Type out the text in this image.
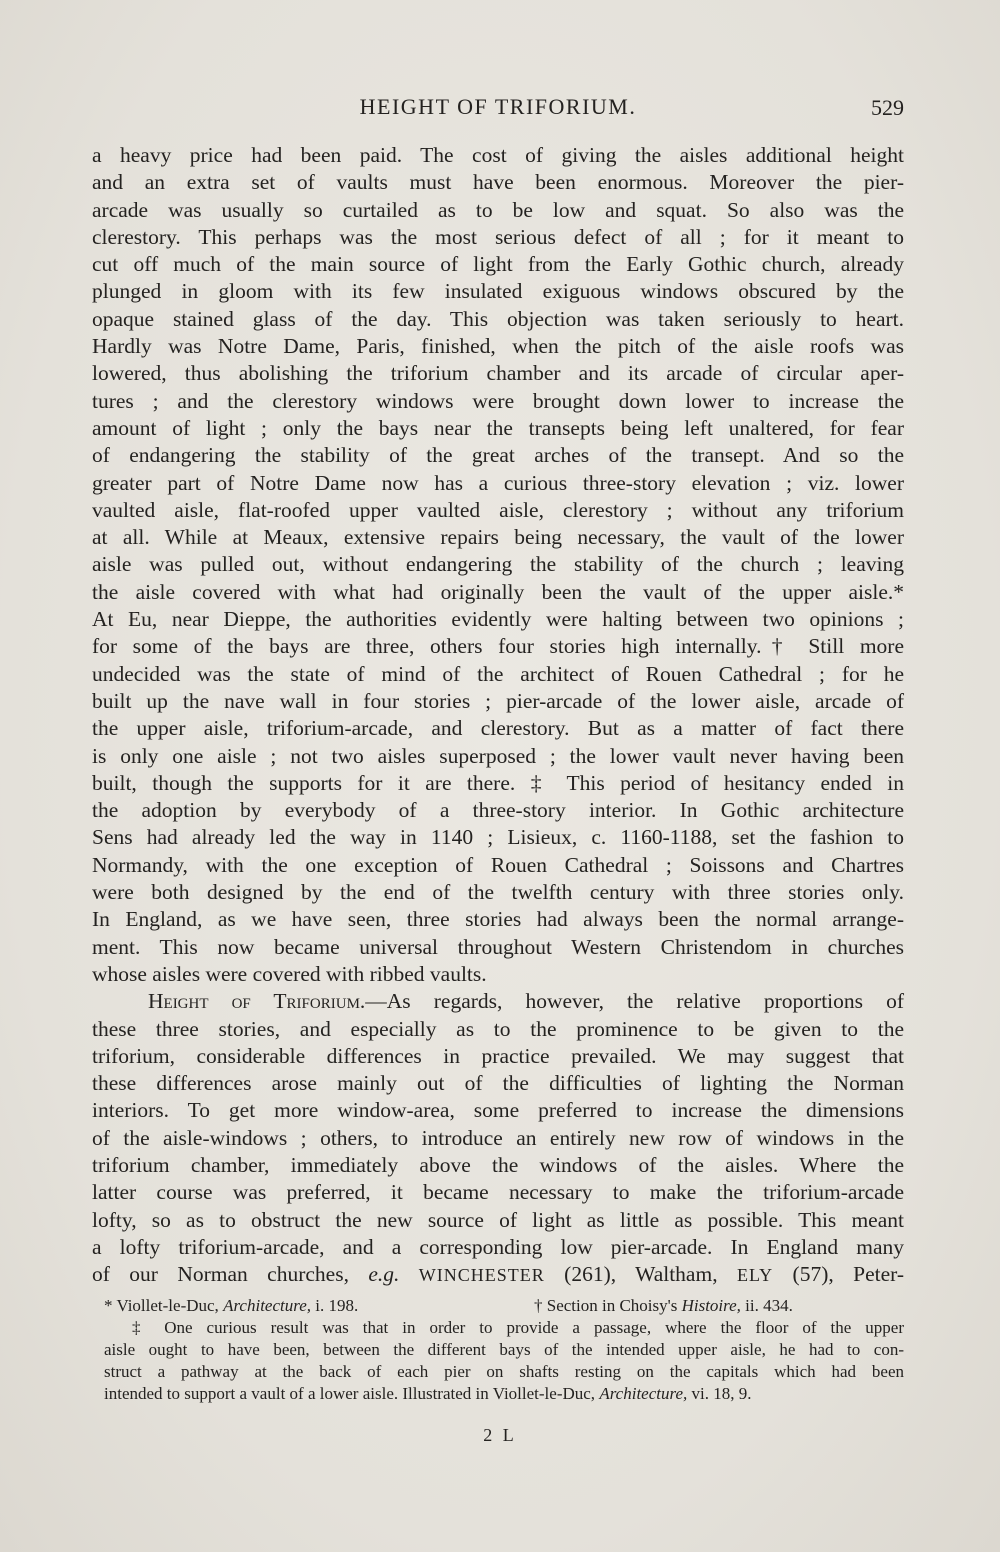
HEIGHT OF TRIFORIUM.	529
a heavy price had been paid. The cost of giving the aisles additional height
and an extra set of vaults must have been enormous. Moreover the pier-
arcade was usually so curtailed as to be low and squat. So also was the
clerestory. This perhaps was the most serious defect of all ; for it meant to
cut off much of the main source of light from the Early Gothic church, already
plunged in gloom with its few insulated exiguous windows obscured by the
opaque stained glass of the day. This objection was taken seriously to heart.
Hardly was Notre Dame, Paris, finished, when the pitch of the aisle roofs was
lowered, thus abolishing the triforium chamber and its arcade of circular aper-
tures ; and the clerestory windows were brought down lower to increase the
amount of light ; only the bays near the transepts being left unaltered, for fear
of endangering the stability of the great arches of the transept. And so the
greater part of Notre Dame now has a curious three-story elevation ; viz. lower
vaulted aisle, flat-roofed upper vaulted aisle, clerestory ; without any triforium
at all. While at Meaux, extensive repairs being necessary, the vault of the lower
aisle was pulled out, without endangering the stability of the church ; leaving
the aisle covered with what had originally been the vault of the upper aisle.*
At Eu, near Dieppe, the authorities evidently were halting between two opinions ;
for some of the bays are three, others four stories high internally.† Still more
undecided was the state of mind of the architect of Rouen Cathedral ; for he
built up the nave wall in four stories ; pier-arcade of the lower aisle, arcade of
the upper aisle, triforium-arcade, and clerestory. But as a matter of fact there
is only one aisle ; not two aisles superposed ; the lower vault never having been
built, though the supports for it are there. ‡ This period of hesitancy ended in
the adoption by everybody of a three-story interior. In Gothic architecture
Sens had already led the way in 1140 ; Lisieux, c. 1160-1188, set the fashion to
Normandy, with the one exception of Rouen Cathedral ; Soissons and Chartres
were both designed by the end of the twelfth century with three stories only.
In England, as we have seen, three stories had always been the normal arrange-
ment. This now became universal throughout Western Christendom in churches
whose aisles were covered with ribbed vaults.
Height of Triforium.—As regards, however, the relative proportions of
these three stories, and especially as to the prominence to be given to the
triforium, considerable differences in practice prevailed. We may suggest that
these differences arose mainly out of the difficulties of lighting the Norman
interiors. To get more window-area, some preferred to increase the dimensions
of the aisle-windows ; others, to introduce an entirely new row of windows in the
triforium chamber, immediately above the windows of the aisles. Where the
latter course was preferred, it became necessary to make the triforium-arcade
lofty, so as to obstruct the new source of light as little as possible. This meant
a lofty triforium-arcade, and a corresponding low pier-arcade. In England many
of our Norman churches, e.g. WINCHESTER (261), Waltham, ELY (57), Peter-
* Viollet-le-Duc, Architecture, i. 198.	† Section in Choisy's Histoire, ii. 434.
‡ One curious result was that in order to provide a passage, where the floor of the upper
aisle ought to have been, between the different bays of the intended upper aisle, he had to con-
struct a pathway at the back of each pier on shafts resting on the capitals which had been
intended to support a vault of a lower aisle. Illustrated in Viollet-le-Duc, Architecture, vi. 18, 9.
2 L
